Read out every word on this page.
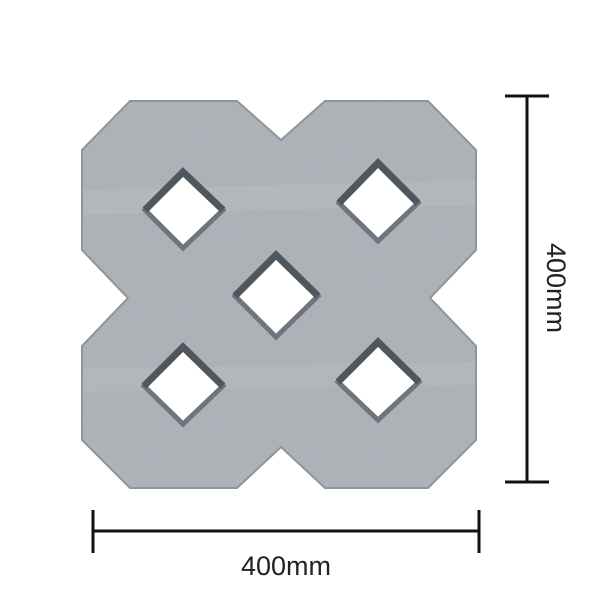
400mm
400mm
